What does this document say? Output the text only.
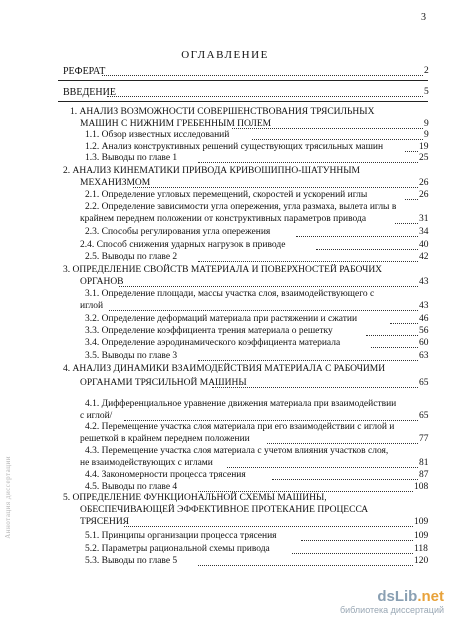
3
ОГЛАВЛЕНИЕ
РЕФЕРАТ	2
ВВЕДЕНИЕ	5
1. АНАЛИЗ ВОЗМОЖНОСТИ СОВЕРШЕНСТВОВАНИЯ ТРЯСИЛЬНЫХ
МАШИН С НИЖНИМ ГРЕБЕННЫМ ПОЛЕМ	9
1.1. Обзор известных исследований	9
1.2. Анализ конструктивных решений существующих трясильных машин	19
1.3. Выводы по главе 1	25
2. АНАЛИЗ КИНЕМАТИКИ ПРИВОДА КРИВОШИПНО-ШАТУННЫМ
МЕХАНИЗМОМ	26
2.1. Определение угловых перемещений, скоростей и ускорений иглы	26
2.2. Определение зависимости угла опережения, угла размаха, вылета иглы в
крайнем переднем положении от конструктивных параметров привода	31
2.3. Способы регулирования угла опережения	34
2.4. Способ снижения ударных нагрузок в приводе	40
2.5. Выводы по главе 2	42
3. ОПРЕДЕЛЕНИЕ СВОЙСТВ МАТЕРИАЛА И ПОВЕРХНОСТЕЙ РАБОЧИХ
ОРГАНОВ	43
3.1. Определение площади, массы участка слоя, взаимодействующего с
иглой	43
3.2. Определение деформаций материала при растяжении и сжатии	46
3.3. Определение коэффициента трения материала о решетку	56
3.4. Определение аэродинамического коэффициента материала	60
3.5. Выводы по главе 3	63
4. АНАЛИЗ ДИНАМИКИ ВЗАИМОДЕЙСТВИЯ МАТЕРИАЛА С РАБОЧИМИ
ОРГАНАМИ ТРЯСИЛЬНОЙ МАШИНЫ	65
4.1. Дифференциальное уравнение движения материала при взаимодействии
с иглой/	65
4.2. Перемещение участка слоя материала при его взаимодействии с иглой и
решеткой в крайнем переднем положении	77
4.3. Перемещение участка слоя материала с учетом влияния участков слоя,
не взаимодействующих с иглами	81
4.4. Закономерности процесса трясения	87
4.5. Выводы по главе 4	108
5. ОПРЕДЕЛЕНИЕ ФУНКЦИОНАЛЬНОЙ СХЕМЫ МАШИНЫ,
ОБЕСПЕЧИВАЮЩЕЙ ЭФФЕКТИВНОЕ ПРОТЕКАНИЕ ПРОЦЕССА
ТРЯСЕНИЯ	109
5.1. Принципы организации процесса трясения	109
5.2. Параметры рациональной схемы привода	118
5.3. Выводы по главе 5	120
Аннотация диссертации
dsLib.net
библиотека диссертаций
